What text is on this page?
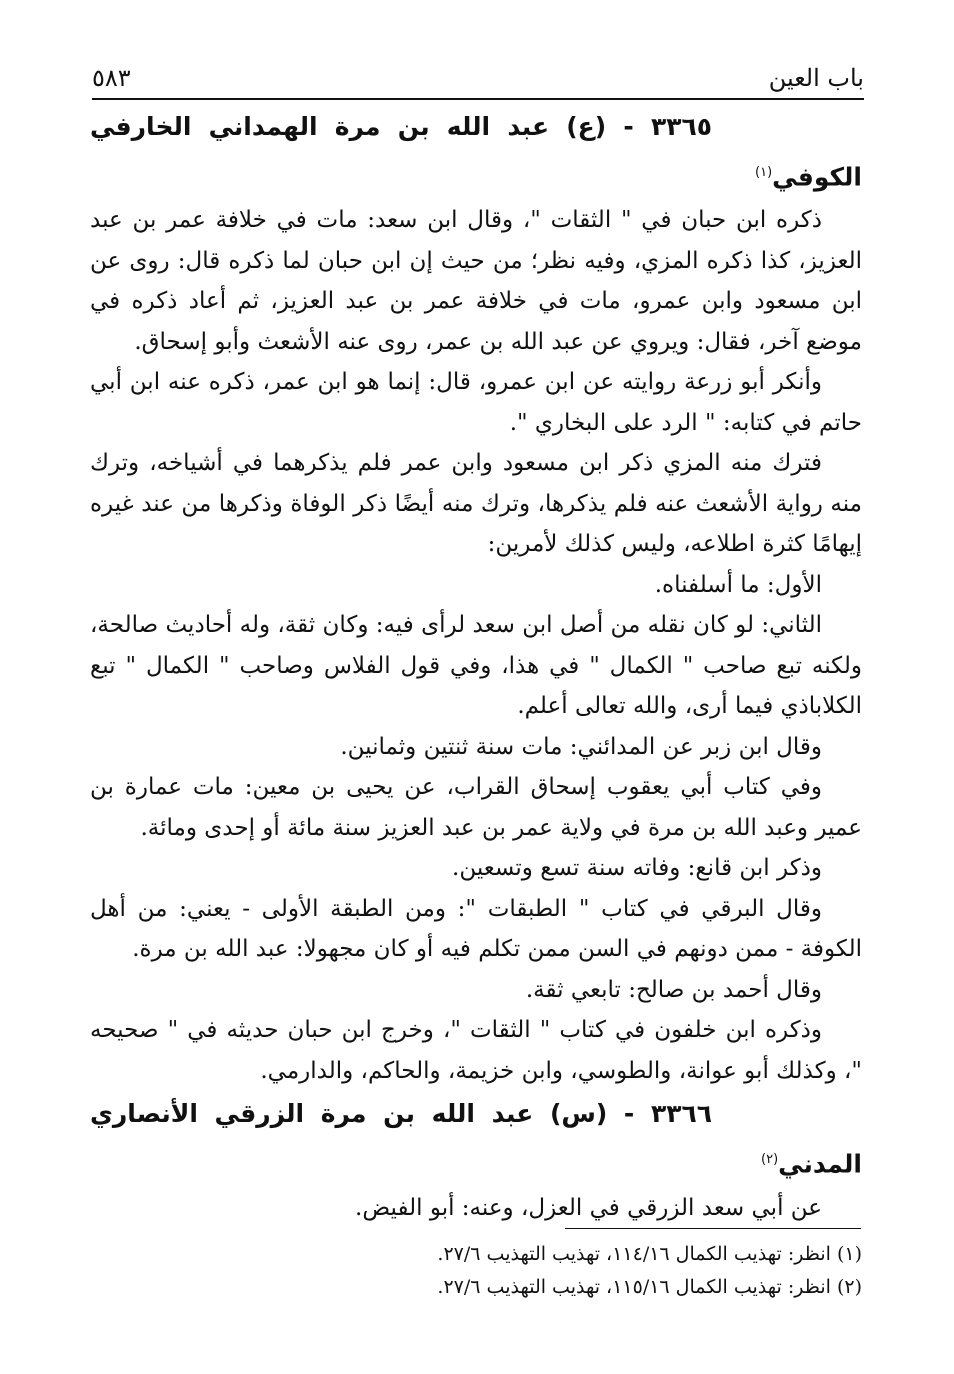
باب العين
٥٨٣

٣٣٦٥ - (ع) عبد الله بن مرة الهمداني الخارفي الكوفي$^{(١)}$

ذكره ابن حبان في " الثقات "، وقال ابن سعد: مات في خلافة عمر بن عبد العزيز، كذا ذكره المزي، وفيه نظر؛ من حيث إن ابن حبان لما ذكره قال: روى عن ابن مسعود وابن عمرو، مات في خلافة عمر بن عبد العزيز، ثم أعاد ذكره في موضع آخر، فقال: ويروي عن عبد الله بن عمر، روى عنه الأشعث وأبو إسحاق.

وأنكر أبو زرعة روايته عن ابن عمرو، قال: إنما هو ابن عمر، ذكره عنه ابن أبي حاتم في كتابه: " الرد على البخاري ".

فترك منه المزي ذكر ابن مسعود وابن عمر فلم يذكرهما في أشياخه، وترك منه رواية الأشعث عنه فلم يذكرها، وترك منه أيضًا ذكر الوفاة وذكرها من عند غيره إيهامًا كثرة اطلاعه، وليس كذلك لأمرين:

الأول: ما أسلفناه.

الثاني: لو كان نقله من أصل ابن سعد لرأى فيه: وكان ثقة، وله أحاديث صالحة، ولكنه تبع صاحب " الكمال " في هذا، وفي قول الفلاس وصاحب " الكمال " تبع الكلاباذي فيما أرى، والله تعالى أعلم.

وقال ابن زبر عن المدائني: مات سنة ثنتين وثمانين.

وفي كتاب أبي يعقوب إسحاق القراب، عن يحيى بن معين: مات عمارة بن عمير وعبد الله بن مرة في ولاية عمر بن عبد العزيز سنة مائة أو إحدى ومائة.

وذكر ابن قانع: وفاته سنة تسع وتسعين.

وقال البرقي في كتاب " الطبقات ": ومن الطبقة الأولى - يعني: من أهل الكوفة - ممن دونهم في السن ممن تكلم فيه أو كان مجهولا: عبد الله بن مرة.

وقال أحمد بن صالح: تابعي ثقة.

وذكره ابن خلفون في كتاب " الثقات "، وخرج ابن حبان حديثه في " صحيحه "، وكذلك أبو عوانة، والطوسي، وابن خزيمة، والحاكم، والدارمي.

٣٣٦٦ - (س) عبد الله بن مرة الزرقي الأنصاري المدني$^{(٢)}$

عن أبي سعد الزرقي في العزل، وعنه: أبو الفيض.

(١) انظر: تهذيب الكمال ١١٤/١٦، تهذيب التهذيب ٢٧/٦.

(٢) انظر: تهذيب الكمال ١١٥/١٦، تهذيب التهذيب ٢٧/٦.
